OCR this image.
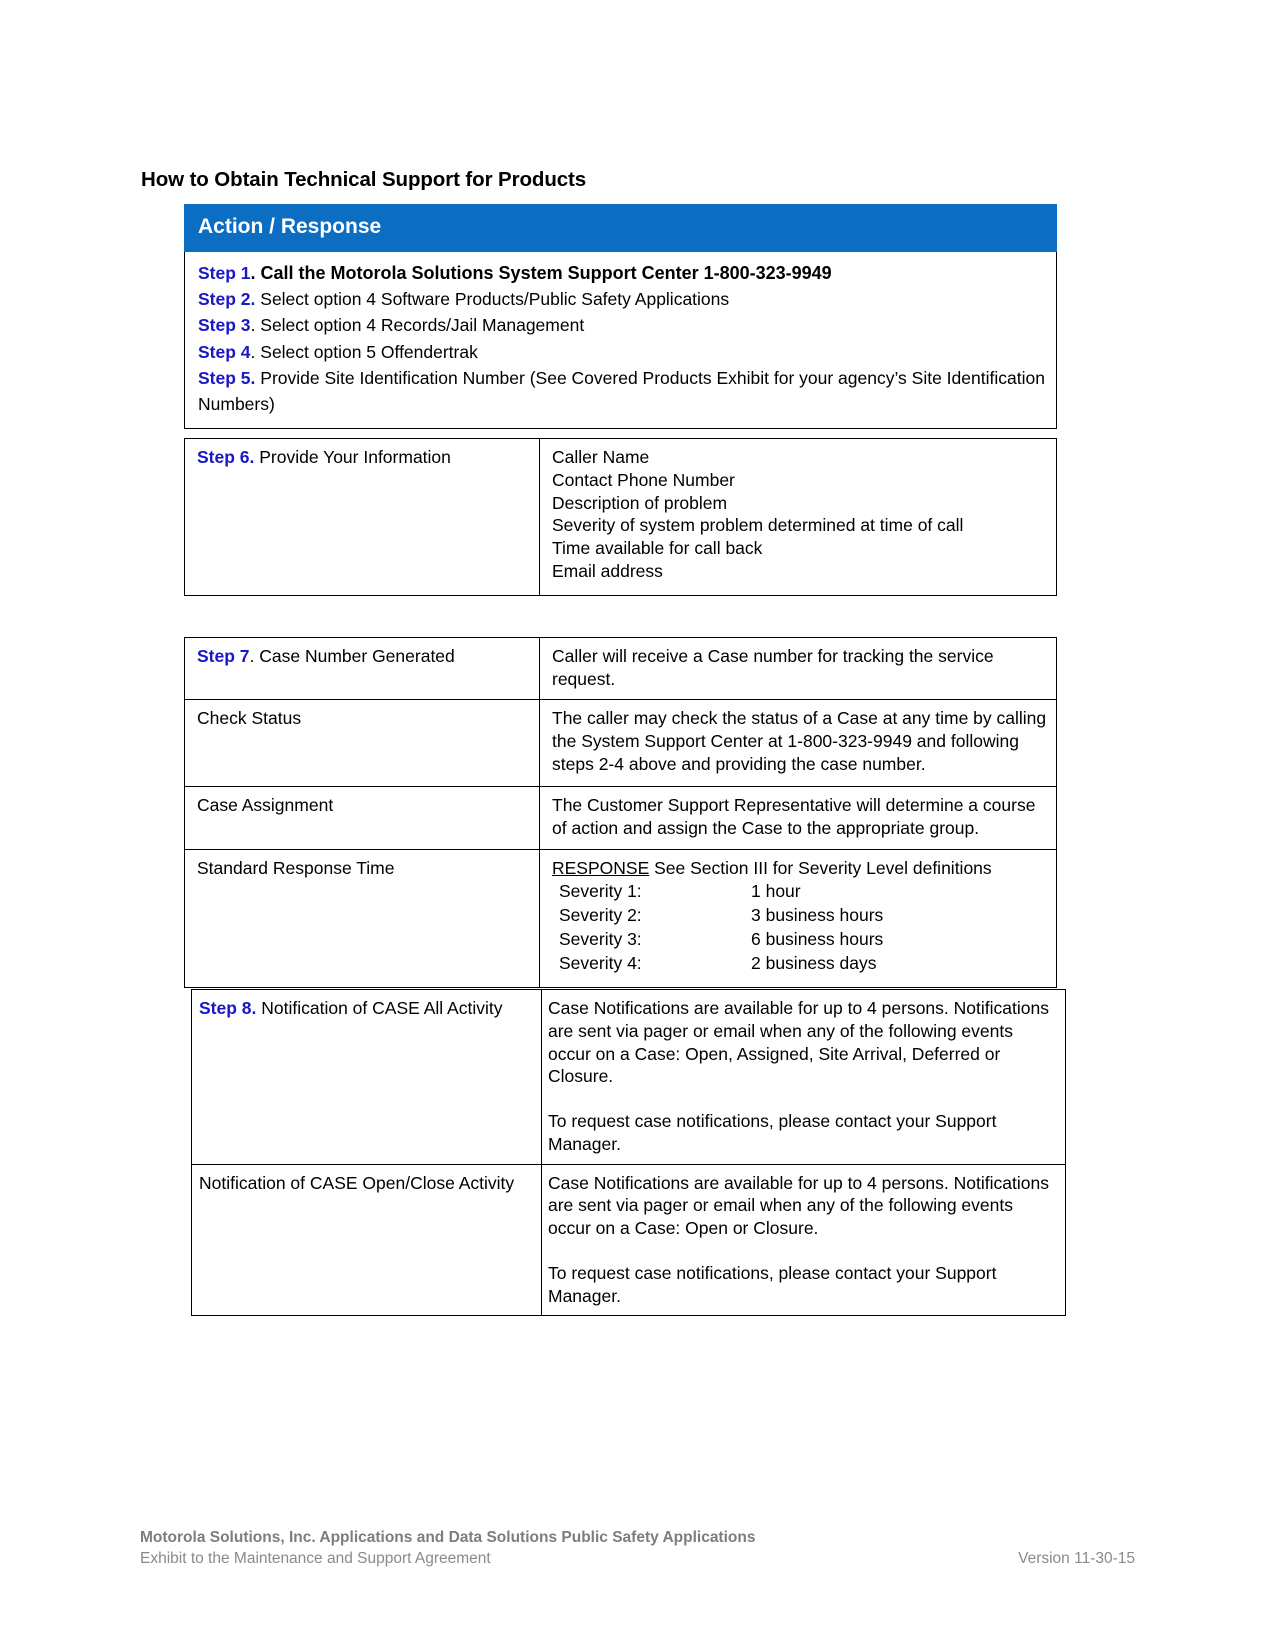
How to Obtain Technical Support for Products
Action / Response

Step 1. Call the Motorola Solutions System Support Center 1-800-323-9949

Step 2. Select option 4 Software Products/Public Safety Applications

Step 3. Select option 4 Records/Jail Management

Step 4. Select option 5 Offendertrak

Step 5. Provide Site Identification Number (See Covered Products Exhibit for your agency’s Site Identification Numbers)

Step 6. Provide Your Information	Caller Name

Contact Phone Number

Description of problem

Severity of system problem determined at time of call

Time available for call back

Email address

Step 7. Case Number Generated	Caller will receive a Case number for tracking the service request.
Check Status	The caller may check the status of a Case at any time by calling the System Support Center at 1-800-323-9949 and following steps 2-4 above and providing the case number.
Case Assignment	The Customer Support Representative will determine a course of action and assign the Case to the appropriate group.
Standard Response Time	RESPONSE See Section III for Severity Level definitions

Severity 1:	1 hour
Severity 2:	3 business hours
Severity 3:	6 business hours
Severity 4:	2 business days
Step 8. Notification of CASE All Activity	Case Notifications are available for up to 4 persons. Notifications are sent via pager or email when any of the following events occur on a Case: Open, Assigned, Site Arrival, Deferred or Closure.

To request case notifications, please contact your Support Manager.

Notification of CASE Open/Close Activity	Case Notifications are available for up to 4 persons. Notifications are sent via pager or email when any of the following events occur on a Case: Open or Closure.

To request case notifications, please contact your Support Manager.

Motorola Solutions, Inc. Applications and Data Solutions Public Safety Applications
Exhibit to the Maintenance and Support Agreement	Version 11-30-15
